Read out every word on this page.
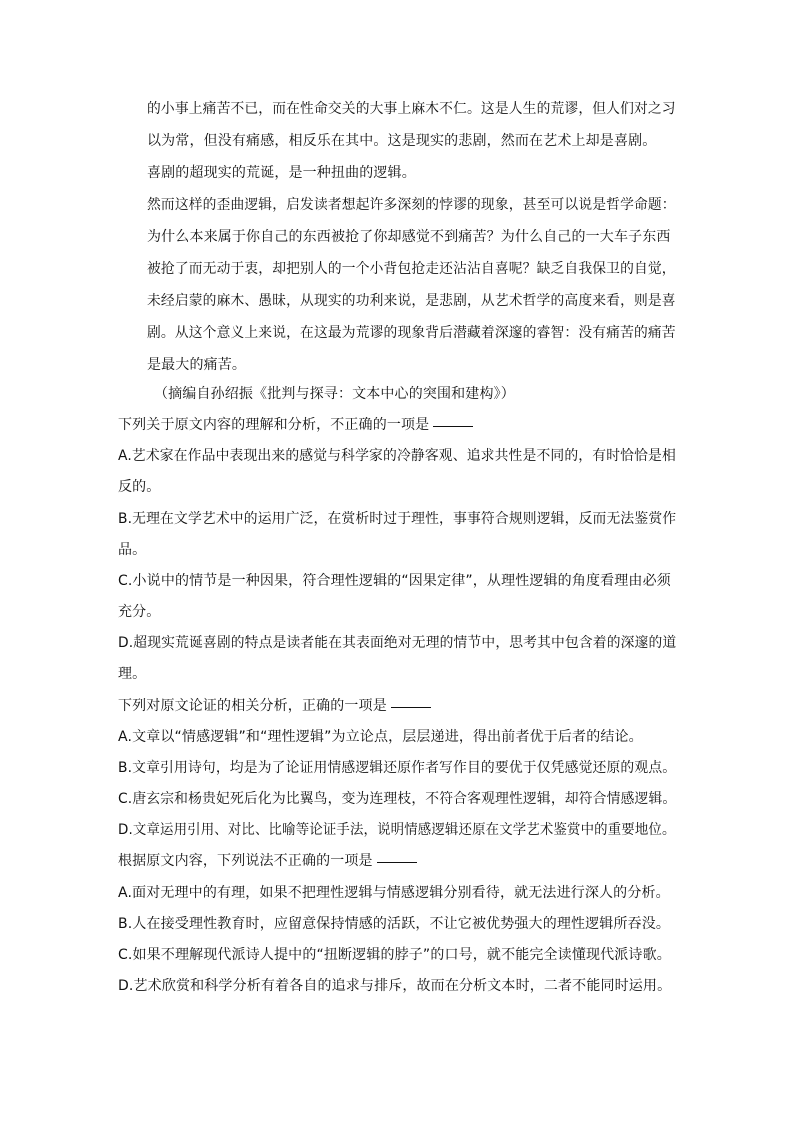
的小事上痛苦不已，而在性命交关的大事上麻木不仁。这是人生的荒谬，但人们对之习
以为常，但没有痛感，相反乐在其中。这是现实的悲剧，然而在艺术上却是喜剧。
喜剧的超现实的荒诞，是一种扭曲的逻辑。
然而这样的歪曲逻辑，启发读者想起许多深刻的悖谬的现象，甚至可以说是哲学命题：
为什么本来属于你自己的东西被抢了你却感觉不到痛苦？为什么自己的一大车子东西
被抢了而无动于衷，却把别人的一个小背包抢走还沾沾自喜呢？缺乏自我保卫的自觉，
未经启蒙的麻木、愚昧，从现实的功利来说，是悲剧，从艺术哲学的高度来看，则是喜
剧。从这个意义上来说，在这最为荒谬的现象背后潜藏着深邃的睿智：没有痛苦的痛苦
是最大的痛苦。
（摘编自孙绍振《批判与探寻：文本中心的突围和建构》）
下列关于原文内容的理解和分析，不正确的一项是
A.艺术家在作品中表现出来的感觉与科学家的冷静客观、追求共性是不同的，有时恰恰是相
反的。
B.无理在文学艺术中的运用广泛，在赏析时过于理性，事事符合规则逻辑，反而无法鉴赏作
品。
C.小说中的情节是一种因果，符合理性逻辑的“因果定律”，从理性逻辑的角度看理由必须
充分。
D.超现实荒诞喜剧的特点是读者能在其表面绝对无理的情节中，思考其中包含着的深邃的道
理。
下列对原文论证的相关分析，正确的一项是
A.文章以“情感逻辑”和“理性逻辑”为立论点，层层递进，得出前者优于后者的结论。
B.文章引用诗句，均是为了论证用情感逻辑还原作者写作目的要优于仅凭感觉还原的观点。
C.唐玄宗和杨贵妃死后化为比翼鸟，变为连理枝，不符合客观理性逻辑，却符合情感逻辑。
D.文章运用引用、对比、比喻等论证手法，说明情感逻辑还原在文学艺术鉴赏中的重要地位。
根据原文内容，下列说法不正确的一项是
A.面对无理中的有理，如果不把理性逻辑与情感逻辑分别看待，就无法进行深人的分析。
B.人在接受理性教育时，应留意保持情感的活跃，不让它被优势强大的理性逻辑所吞没。
C.如果不理解现代派诗人提中的“扭断逻辑的脖子”的口号，就不能完全读懂现代派诗歌。
D.艺术欣赏和科学分析有着各自的追求与排斥，故而在分析文本时，二者不能同时运用。
